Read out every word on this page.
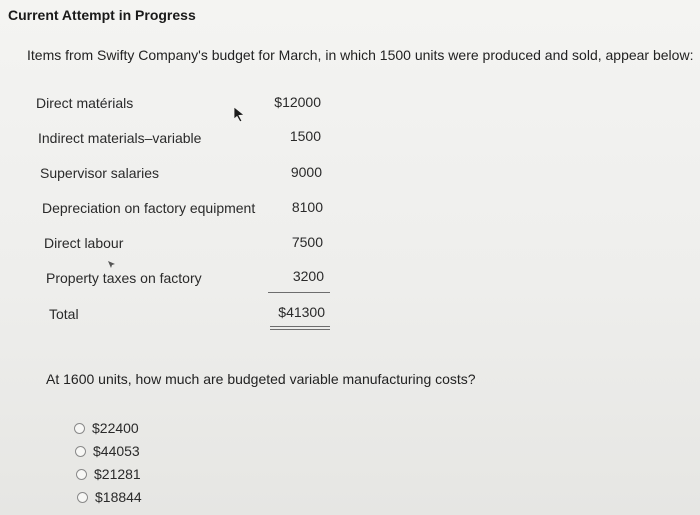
Current Attempt in Progress
Items from Swifty Company's budget for March, in which 1500 units were produced and sold, appear below:
Direct matérials	$12000
Indirect materials–variable	1500
Supervisor salaries	9000
Depreciation on factory equipment	8100
Direct labour	7500
Property taxes on factory	3200
Total	$41300
At 1600 units, how much are budgeted variable manufacturing costs?
$22400
$44053
$21281
$18844
